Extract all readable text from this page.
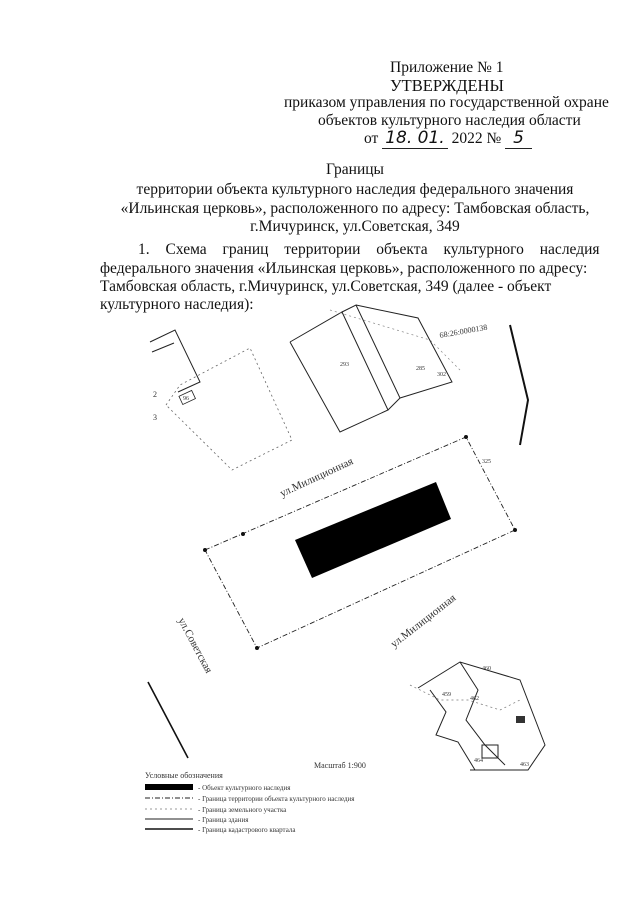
Приложение № 1
УТВЕРЖДЕНЫ
приказом управления по государственной охране
объектов культурного наследия области
от 18. 01. 2022 № 5
Границы
территории объекта культурного наследия федерального значения
«Ильинская церковь», расположенного по адресу: Тамбовская область,
г.Мичуринск, ул.Советская, 349
1. Схема границ территории объекта культурного наследия
федерального значения «Ильинская церковь», расположенного по адресу:
Тамбовская область, г.Мичуринск, ул.Советская, 349 (далее - объект
культурного наследия):
96
2
3
293
285
302
68:26:0000138
325
ул.Милиционная
ул.Милиционная
ул.Советская	460
459
462
464
463
Масштаб 1:900
Условные обозначения
- Объект культурного наследия
- Граница территории объекта культурного наследия
- Граница земельного участка
- Граница здания
- Граница кадастрового квартала
